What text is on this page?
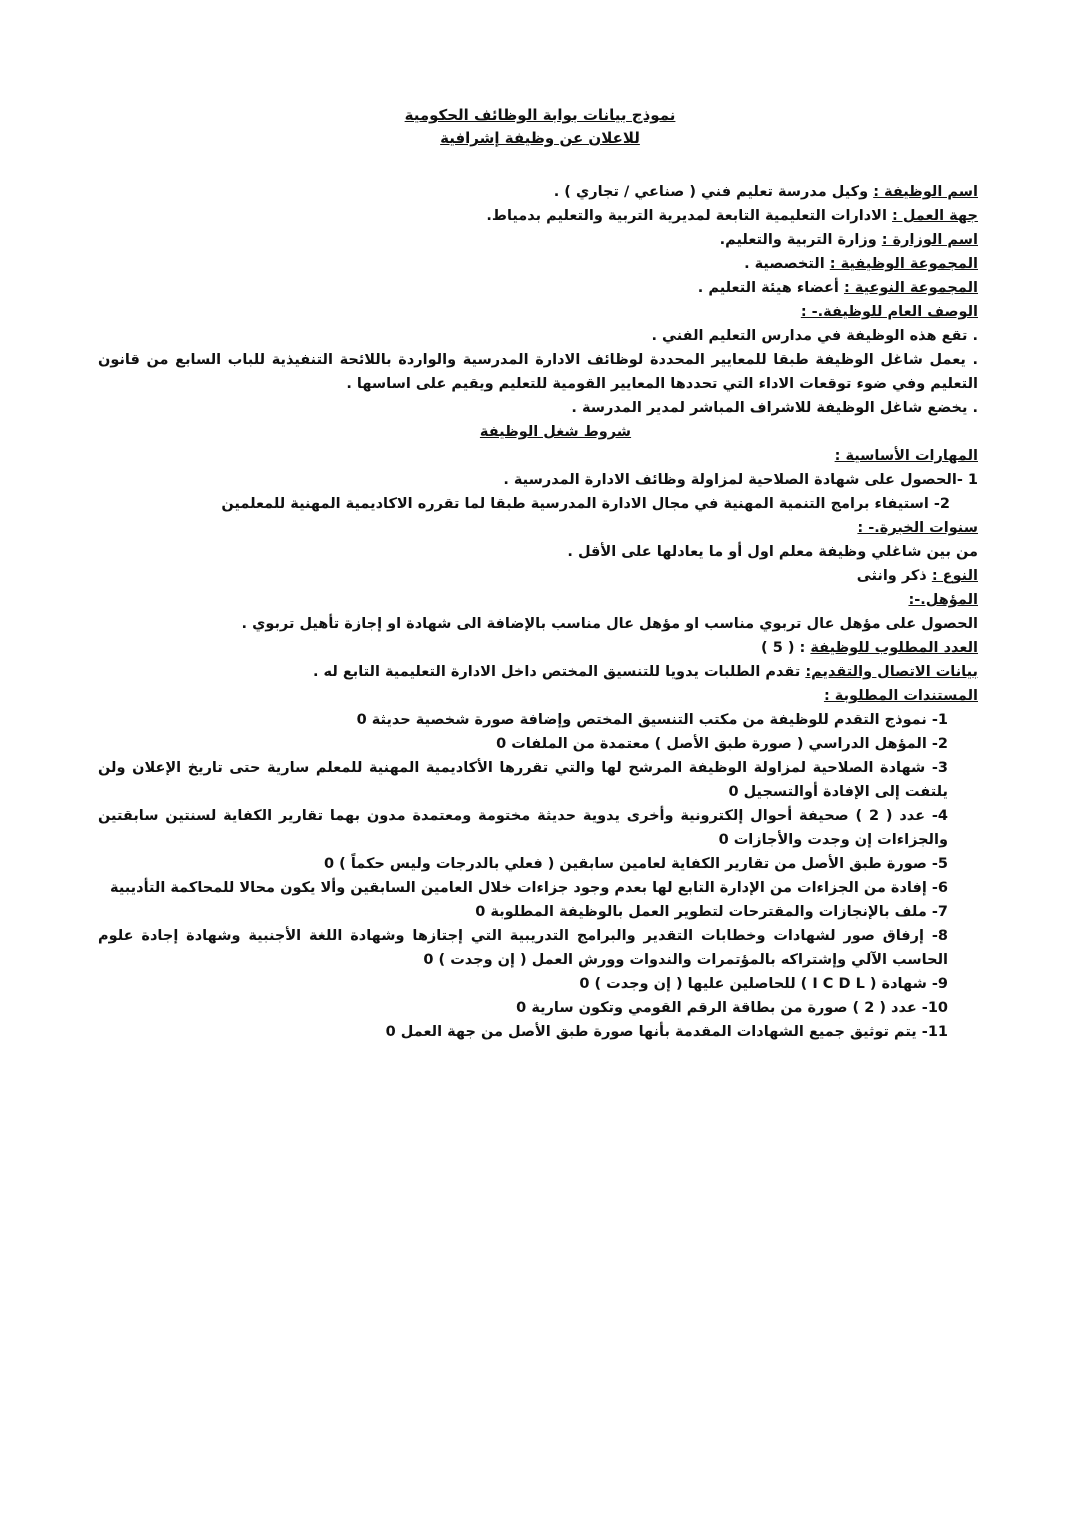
نموذج بيانات بوابة الوظائف الحكومية
للاعلان عن وظيفة إشرافية
اسم الوظيفة : وكيل مدرسة تعليم فني ( صناعي / تجاري ) .
جهة العمل : الادارات التعليمية التابعة لمديرية التربية والتعليم بدمياط.
اسم الوزارة : وزارة التربية والتعليم.
المجموعة الوظيفية : التخصصية .
المجموعة النوعية : أعضاء هيئة التعليم .
الوصف العام للوظيفة.- :
. تقع هذه الوظيفة في مدارس التعليم الفني .
. يعمل شاغل الوظيفة طبقا للمعايير المحددة لوظائف الادارة المدرسية والواردة باللائحة التنفيذية للباب السابع من قانون التعليم وفي ضوء توقعات الاداء التي تحددها المعايير القومية للتعليم ويقيم على اساسها .
. يخضع شاغل الوظيفة للاشراف المباشر لمدير المدرسة .
شروط شغل الوظيفة
المهارات الأساسية :
1 -الحصول على شهادة الصلاحية لمزاولة وظائف الادارة المدرسية .
2- استيفاء برامج التنمية المهنية في مجال الادارة المدرسية طبقا لما تقرره الاكاديمية المهنية للمعلمين
سنوات الخبرة.- :
من بين شاغلي وظيفة معلم اول أو ما يعادلها على الأقل .
النوع : ذكر وانثى
المؤهل.-:
الحصول على مؤهل عال تربوي مناسب او مؤهل عال مناسب بالإضافة الى شهادة او إجازة تأهيل تربوي .
العدد المطلوب للوظيفة : ( 5 )
بيانات الاتصال والتقديم: تقدم الطلبات يدويا للتنسيق المختص داخل الادارة التعليمية التابع له .
المستندات المطلوبة :
1- نموذج التقدم للوظيفة من مكتب التنسيق المختص وإضافة صورة شخصية حديثة 0
2- المؤهل الدراسي ( صورة طبق الأصل ) معتمدة من الملفات 0
3- شهادة الصلاحية لمزاولة الوظيفة المرشح لها والتي تقررها الأكاديمية المهنية للمعلم سارية حتى تاريخ الإعلان ولن يلتفت إلى الإفادة أوالتسجيل 0
4- عدد ( 2 ) صحيفة أحوال إلكترونية وأخرى يدوية حديثة مختومة ومعتمدة مدون بهما تقارير الكفاية لسنتين سابقتين والجزاءات إن وجدت والأجازات 0
5- صورة طبق الأصل من تقارير الكفاية لعامين سابقين ( فعلي بالدرجات وليس حكماً ) 0
6- إفادة من الجزاءات من الإدارة التابع لها بعدم وجود جزاءات خلال العامين السابقين وألا يكون محالا للمحاكمة التأديبية
7- ملف بالإنجازات والمقترحات لتطوير العمل بالوظيفة المطلوبة 0
8- إرفاق صور لشهادات وخطابات التقدير والبرامج التدريبية التي إجتازها وشهادة اللغة الأجنبية وشهادة إجادة علوم الحاسب الآلي وإشتراكه بالمؤتمرات والندوات وورش العمل ( إن وجدت ) 0
9- شهادة ( I C D L ) للحاصلين عليها ( إن وجدت ) 0
10- عدد ( 2 ) صورة من بطاقة الرقم القومي وتكون سارية 0
11- يتم توثيق جميع الشهادات المقدمة بأنها صورة طبق الأصل من جهة العمل 0
